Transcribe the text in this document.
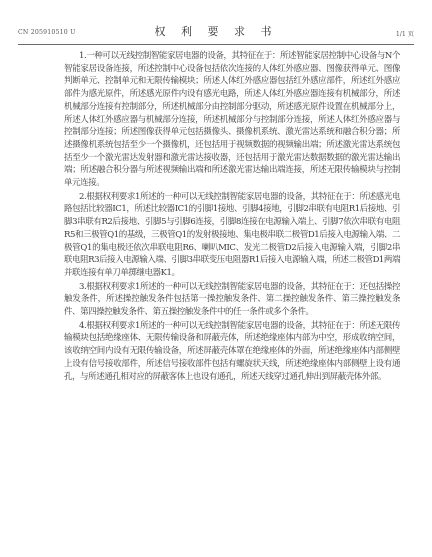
CN 205910510 U	权 利 要 求 书	1/1 页

1.一种可以无线控制智能家居电器的设备，其特征在于：所述智能家居控制中心设备与N个智能家居设备连接，所述控制中心设备包括依次连接的人体红外感应器、图像获得单元、图像判断单元、控制单元和无限传输模块；所述人体红外感应器包括红外感应部件，所述红外感应部件为感光原件，所述感光原件内设有感光电路，所述人体红外感应器连接有机械部分，所述机械部分连接有控制部分，所述机械部分由控制部分驱动，所述感光原件设置在机械部分上，所述人体红外感应器与机械部分连接，所述机械部分与控制部分连接，所述人体红外感应器与控制部分连接；所述图像获得单元包括摄像头、摄像机系统、激光雷达系统和融合积分器；所述摄像机系统包括至少一个摄像机，还包括用于视频数据的视频输出端；所述激光雷达系统包括至少一个激光雷达发射器和激光雷达接收器，还包括用于激光雷达数据数据的激光雷达输出端；所述融合积分器与所述视频输出端和所述激光雷达输出端连接，所述无限传输模块与控制单元连接。

2.根据权利要求1所述的一种可以无线控制智能家居电器的设备，其特征在于：所述感光电路包括比较器IC1，所述比较器IC1的引脚1接地、引脚4接地，引脚2串联有电阻R1后接地、引脚3串联有R2后接地、引脚5与引脚6连接，引脚8连接在电源输入端上、引脚7依次串联有电阻R5和三极管Q1的基级，三极管Q1的发射极接地、集电极串联二极管D1后接入电源输入端、二极管Q1的集电极还依次串联电阻R6、喇叭MIC、发光二极管D2后接入电源输入端，引脚2串联电阻R3后接入电源输入端、引脚3串联变压电阻器R1后接入电源输入端，所述二极管D1两端并联连接有单刀单掷继电器K1。

3.根据权利要求1所述的一种可以无线控制智能家居电器的设备，其特征在于：还包括操控触发条件，所述操控触发条件包括第一操控触发条件、第二操控触发条件、第三操控触发条件、第四操控触发条件、第五操控触发条件中的任一条件或多个条件。

4.根据权利要求1所述的一种可以无线控制智能家居电器的设备，其特征在于：所述无限传输模块包括绝缘座体、无限传输设备和屏蔽壳体，所述绝缘座体内部为中空，形成收纳空间，该收纳空间内设有无限传输设备，所述屏蔽壳体罩在绝缘座体的外面，所述绝缘座体内部侧壁上设有信号接收部件，所述信号接收部件包括有螺旋状天线，所述绝缘座体内部侧壁上设有通孔，与所述通孔相对应的屏蔽客体上也设有通孔，所述天线穿过通孔伸出到屏蔽壳体外部。
